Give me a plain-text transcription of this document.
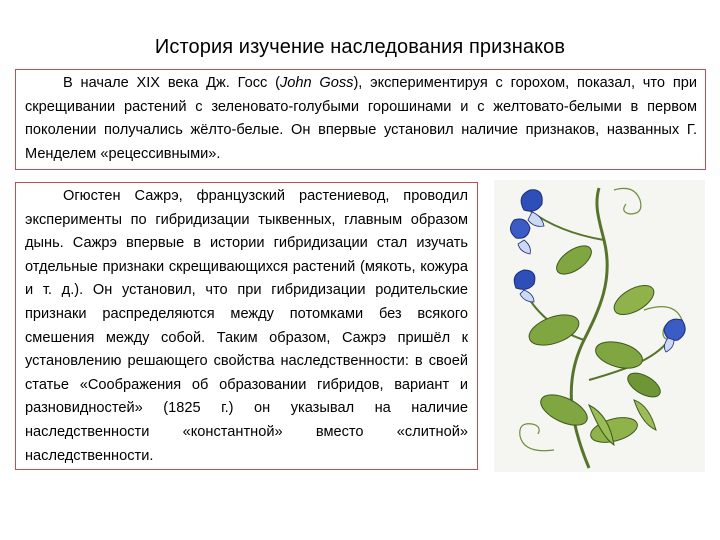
История изучение наследования признаков

В начале XIX века Дж. Госс (John Goss), экспериментируя с горохом, показал, что при скрещивании растений с зеленовато-голубыми горошинами и с желтовато-белыми в первом поколении получались жёлто-белые. Он впервые установил наличие признаков, названных Г. Менделем «рецессивными».

Огюстен Сажрэ, французский растениевод, проводил эксперименты по гибридизации тыквенных, главным образом дынь. Сажрэ впервые в истории гибридизации стал изучать отдельные признаки скрещивающихся растений (мякоть, кожура и т. д.). Он установил, что при гибридизации родительские признаки распределяются между потомками без всякого смешения между собой. Таким образом, Сажрэ пришёл к установлению решающего свойства наследственности: в своей статье «Соображения об образовании гибридов, вариант и разновидностей» (1825 г.) он указывал на наличие наследственности «константной» вместо «слитной» наследственности.
